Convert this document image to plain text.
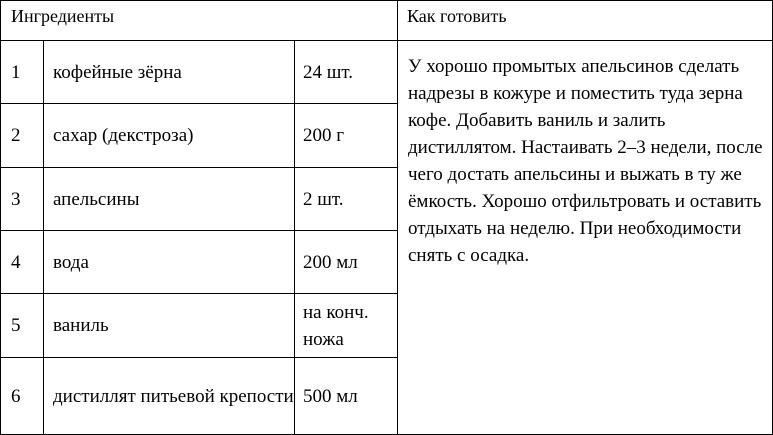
Ингредиенты			Как готовить
1	кофейные зёрна	24 шт.	У хорошо промытых апельсинов сделать надрезы в кожуре и поместить туда зерна кофе. Добавить ваниль и залить дистиллятом. Настаивать 2–3 недели, после чего достать апельсины и выжать в ту же ёмкость. Хорошо отфильтровать и оставить отдыхать на неделю. При необходимости снять с осадка.
2	сахар (декстроза)	200 г	
3	апельсины	2 шт.	
4	вода	200 мл	
5	ваниль	на конч. ножа	
6	дистиллят питьевой крепости	500 мл	
